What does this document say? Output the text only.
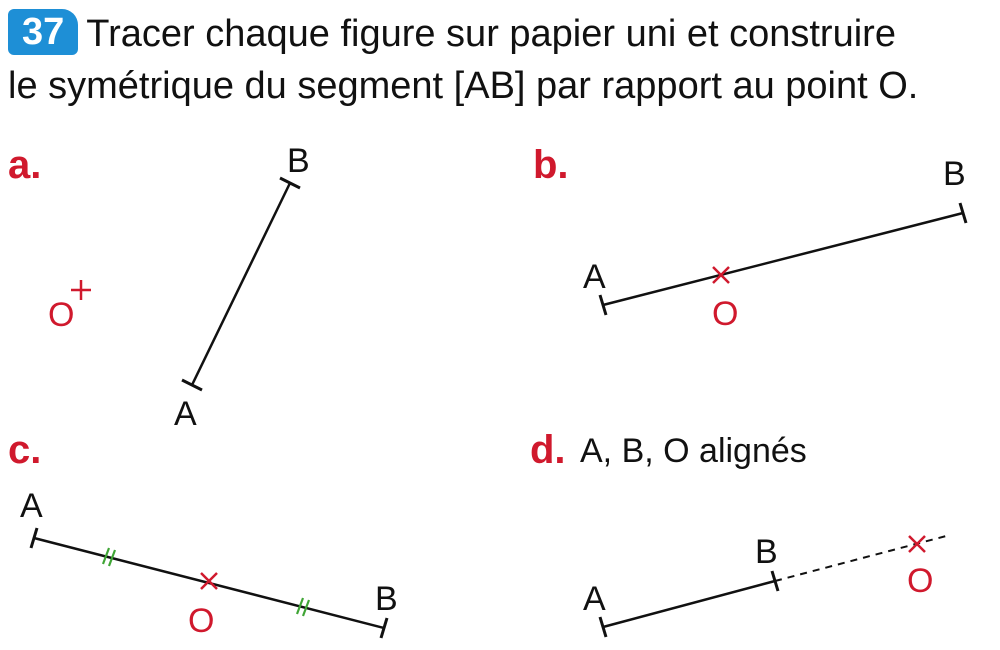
37 Tracer chaque figure sur papier uni et construire
le symétrique du segment [AB] par rapport au point O.
a.
A
B
O
b.
A
B
O
c.
A
B
O
d. A, B, O alignés
A
B
O
